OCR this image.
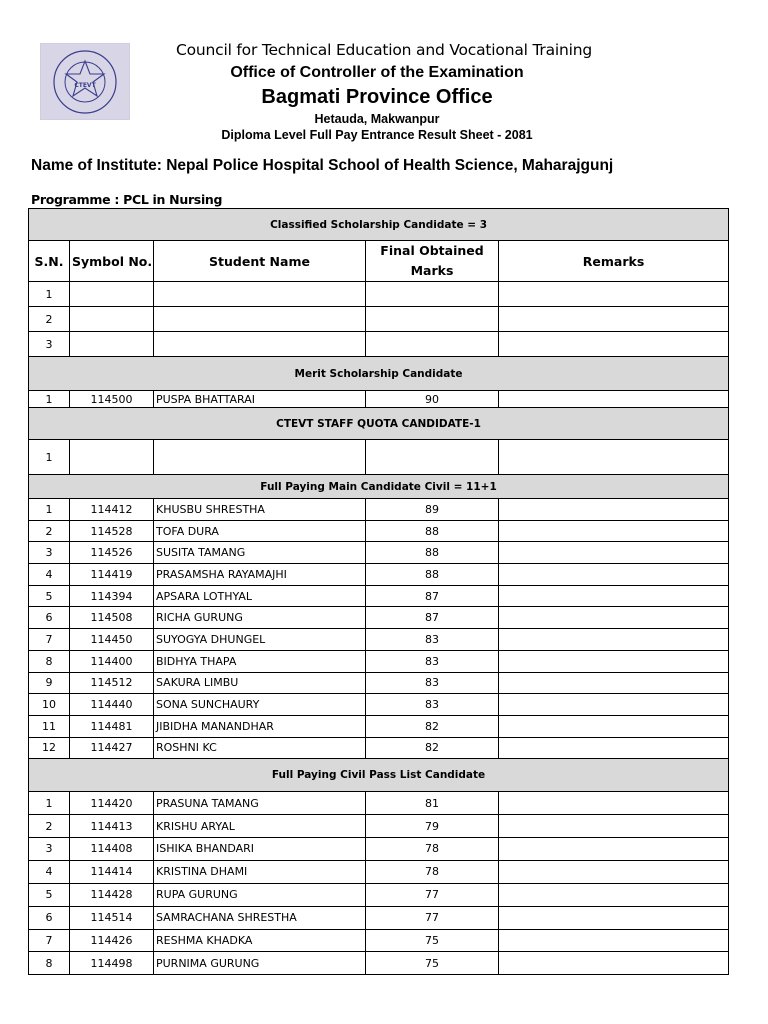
CTEVT
Council for Technical Education and Vocational Training
Office of Controller of the Examination
Bagmati Province Office
Hetauda, Makwanpur
Diploma Level Full Pay Entrance Result Sheet - 2081
Name of Institute: Nepal Police Hospital School of Health Science, Maharajgunj
Programme : PCL in Nursing
Classified Scholarship Candidate = 3				
S.N.	Symbol No.	Student Name	Final Obtained
Marks	Remarks
1				
2				
3				
Merit Scholarship Candidate				
1	114500	PUSPA BHATTARAI	90	
CTEVT STAFF QUOTA CANDIDATE-1				
1				
Full Paying Main Candidate Civil = 11+1				
1	114412	KHUSBU SHRESTHA	89	
2	114528	TOFA DURA	88	
3	114526	SUSITA TAMANG	88	
4	114419	PRASAMSHA RAYAMAJHI	88	
5	114394	APSARA LOTHYAL	87	
6	114508	RICHA GURUNG	87	
7	114450	SUYOGYA DHUNGEL	83	
8	114400	BIDHYA THAPA	83	
9	114512	SAKURA LIMBU	83	
10	114440	SONA SUNCHAURY	83	
11	114481	JIBIDHA MANANDHAR	82	
12	114427	ROSHNI KC	82	
Full Paying Civil Pass List Candidate				
1	114420	PRASUNA TAMANG	81	
2	114413	KRISHU ARYAL	79	
3	114408	ISHIKA BHANDARI	78	
4	114414	KRISTINA DHAMI	78	
5	114428	RUPA GURUNG	77	
6	114514	SAMRACHANA SHRESTHA	77	
7	114426	RESHMA KHADKA	75	
8	114498	PURNIMA GURUNG	75	
